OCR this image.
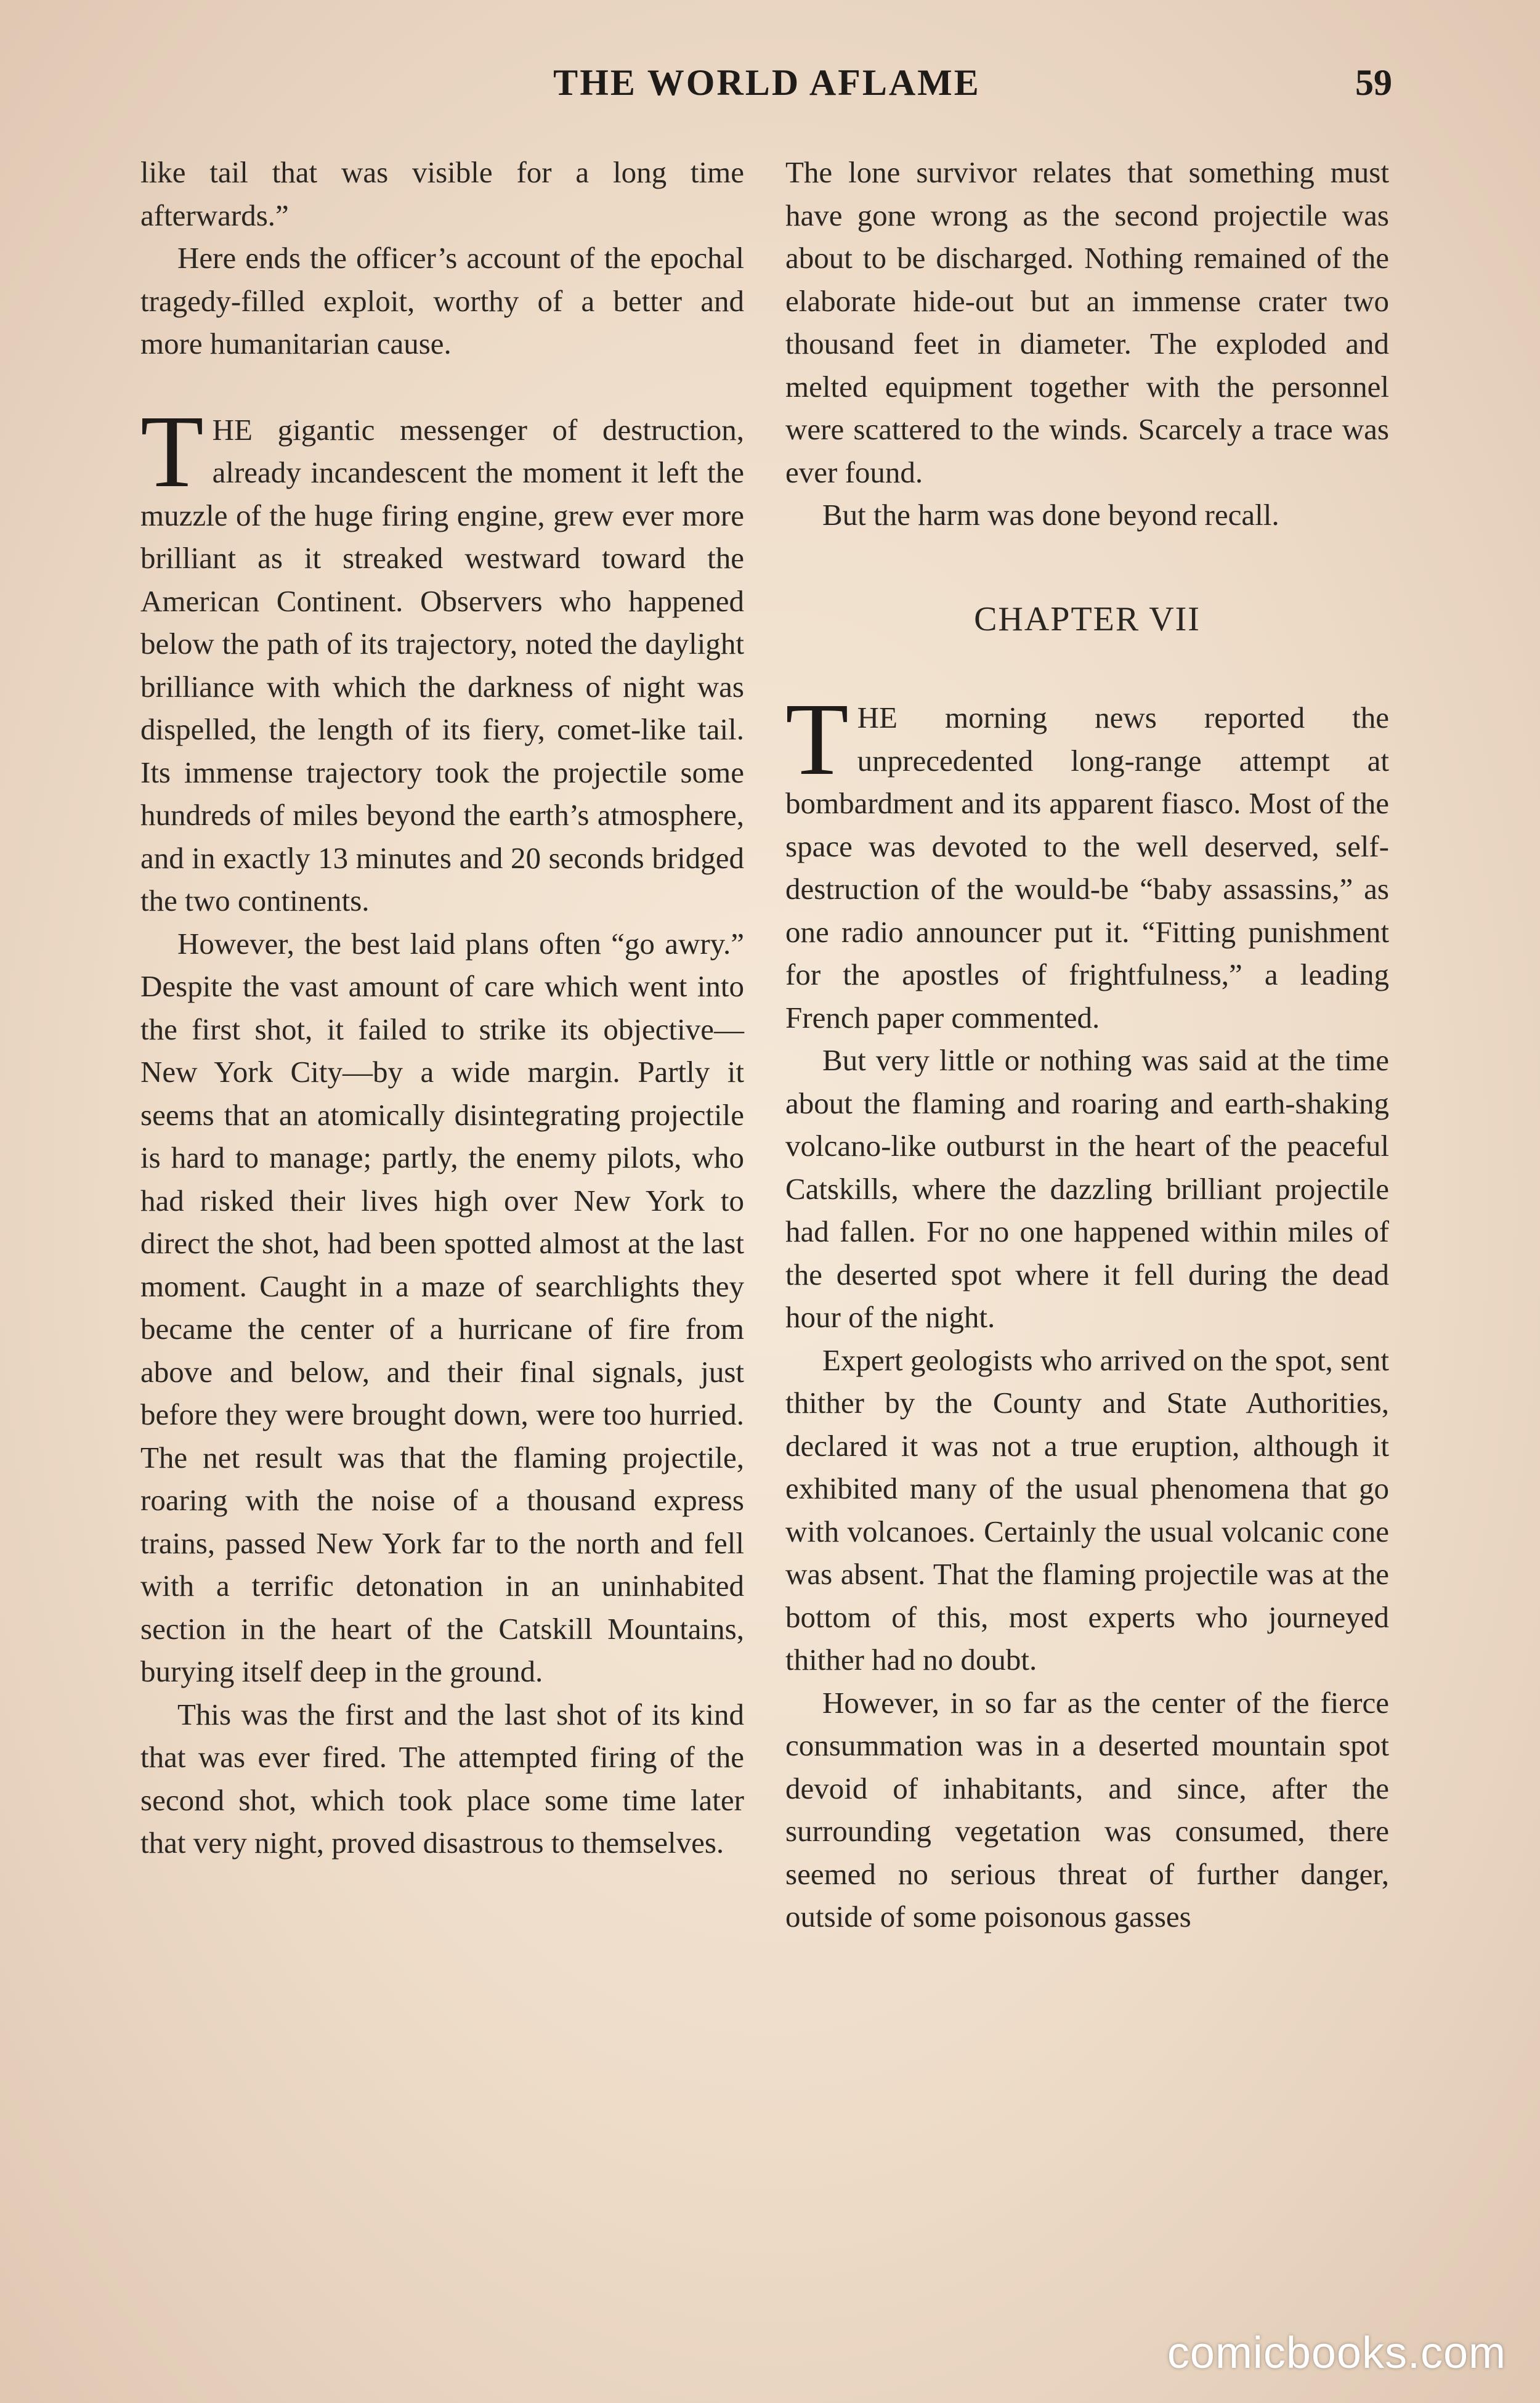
THE WORLD AFLAME	59

like tail that was visible for a long time afterwards.”

Here ends the officer’s account of the epochal tragedy-filled exploit, worthy of a better and more humanitarian cause.

THE gigantic messenger of destruction, already incandescent the moment it left the muzzle of the huge firing engine, grew ever more brilliant as it streaked westward toward the American Continent. Observers who happened below the path of its trajectory, noted the daylight brilliance with which the darkness of night was dispelled, the length of its fiery, comet-like tail. Its immense trajectory took the projectile some hundreds of miles beyond the earth’s atmosphere, and in exactly 13 minutes and 20 seconds bridged the two continents.

However, the best laid plans often “go awry.” Despite the vast amount of care which went into the first shot, it failed to strike its objective—New York City—by a wide margin. Partly it seems that an atomically disintegrating projectile is hard to manage; partly, the enemy pilots, who had risked their lives high over New York to direct the shot, had been spotted almost at the last moment. Caught in a maze of searchlights they became the center of a hurricane of fire from above and below, and their final signals, just before they were brought down, were too hurried. The net result was that the flaming projectile, roaring with the noise of a thousand express trains, passed New York far to the north and fell with a terrific detonation in an uninhabited section in the heart of the Catskill Mountains, burying itself deep in the ground.

This was the first and the last shot of its kind that was ever fired. The attempted firing of the second shot, which took place some time later that very night, proved disastrous to themselves.

The lone survivor relates that something must have gone wrong as the second projectile was about to be discharged. Nothing remained of the elaborate hide-out but an immense crater two thousand feet in diameter. The exploded and melted equipment together with the personnel were scattered to the winds. Scarcely a trace was ever found.

But the harm was done beyond recall.

CHAPTER VII

THE morning news reported the unprecedented long-range attempt at bombardment and its apparent fiasco. Most of the space was devoted to the well deserved, self-destruction of the would-be “baby assassins,” as one radio announcer put it. “Fitting punishment for the apostles of frightfulness,” a leading French paper commented.

But very little or nothing was said at the time about the flaming and roaring and earth-shaking volcano-like outburst in the heart of the peaceful Catskills, where the dazzling brilliant projectile had fallen. For no one happened within miles of the deserted spot where it fell during the dead hour of the night.

Expert geologists who arrived on the spot, sent thither by the County and State Authorities, declared it was not a true eruption, although it exhibited many of the usual phenomena that go with volcanoes. Certainly the usual volcanic cone was absent. That the flaming projectile was at the bottom of this, most experts who journeyed thither had no doubt.

However, in so far as the center of the fierce consummation was in a deserted mountain spot devoid of inhabitants, and since, after the surrounding vegetation was consumed, there seemed no serious threat of further danger, outside of some poisonous gasses

comicbooks.com
